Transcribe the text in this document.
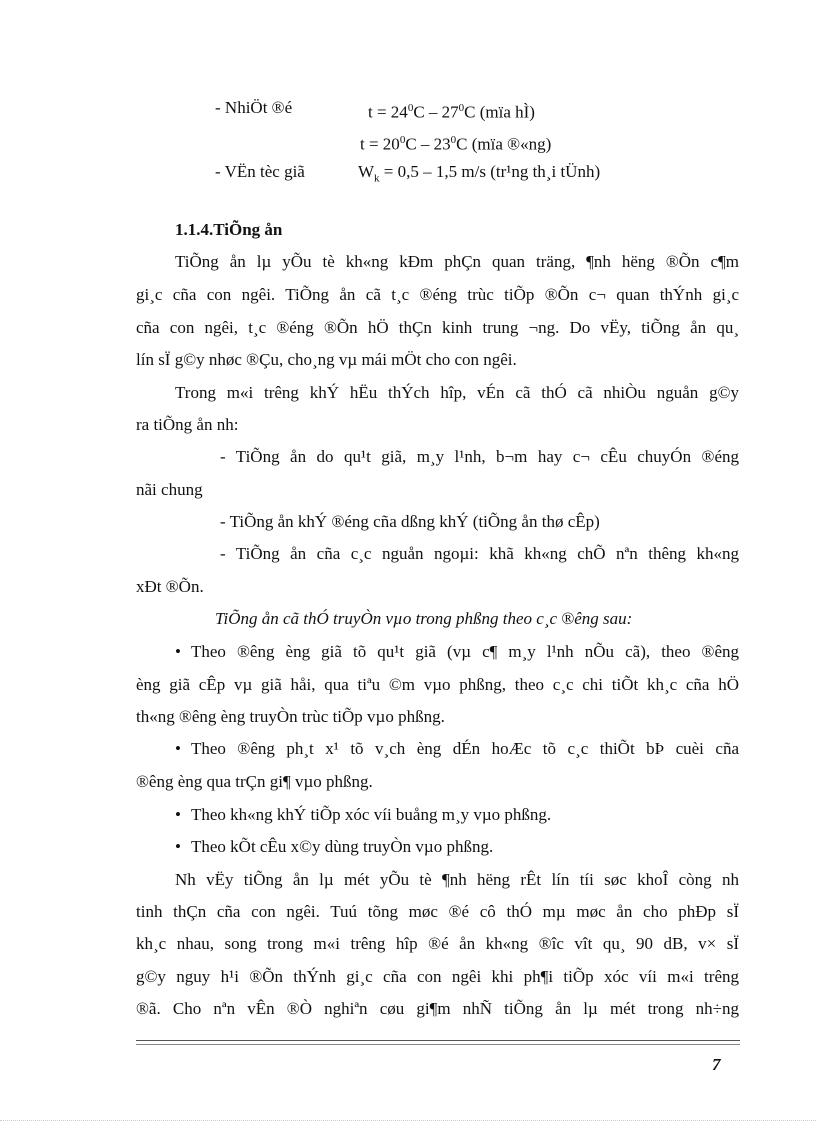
- NhiÖt ®é	$t = 24^0C - 27^0C$ (mïa hÌ)
$t = 20^0C - 23^0C$ (mïa ®«ng)
- VËn tèc giã	$W_k = 0,5 - 1,5$ m/s (tr¹ng th¸i tÜnh)
1.1.4.TiÕng ån
TiÕng ån lµ yÕu tè kh«ng kÐm phÇn quan träng, ¶nh hëng ®Õn c¶m
gi¸c cña con ngêi. TiÕng ån cã t¸c ®éng trùc tiÕp ®Õn c¬ quan thÝnh gi¸c
cña con ngêi, t¸c ®éng ®Õn hÖ thÇn kinh trung ¬ng. Do vËy, tiÕng ån qu¸
lín sÏ g©y nhøc ®Çu, cho¸ng vµ mái mÖt cho con ngêi.
Trong m«i trêng khÝ hËu thÝch hîp, vÉn cã thÓ cã nhiÒu nguån g©y
ra tiÕng ån nh:
- TiÕng ån do qu¹t giã, m¸y l¹nh, b¬m hay c¬ cÊu chuyÓn ®éng
nãi chung
- TiÕng ån khÝ ®éng cña dßng khÝ (tiÕng ån thø cÊp)
- TiÕng ån cña c¸c nguån ngoµi: khã kh«ng chÕ nªn thêng kh«ng
xÐt ®Õn.
TiÕng ån cã thÓ truyÒn vµo trong phßng theo c¸c ®êng sau:
• Theo ®êng èng giã tõ qu¹t giã (vµ c¶ m¸y l¹nh nÕu cã), theo ®êng
èng giã cÊp vµ giã håi, qua tiªu ©m vµo phßng, theo c¸c chi tiÕt kh¸c cña hÖ
th«ng ®êng èng truyÒn trùc tiÕp vµo phßng.
• Theo ®êng ph¸t x¹ tõ v¸ch èng dÉn hoÆc tõ c¸c thiÕt bÞ cuèi cña
®êng èng qua trÇn gi¶ vµo phßng.
• Theo kh«ng khÝ tiÕp xóc víi buång m¸y vµo phßng.
• Theo kÕt cÊu x©y dùng truyÒn vµo phßng.
Nh vËy tiÕng ån lµ mét yÕu tè ¶nh hëng rÊt lín tíi søc khoÎ còng nh
tinh thÇn cña con ngêi. Tuú tõng møc ®é cô thÓ mµ møc ån cho phÐp sÏ
kh¸c nhau, song trong m«i trêng hîp ®é ån kh«ng ®îc vît qu¸ 90 dB, v× sÏ
g©y nguy h¹i ®Õn thÝnh gi¸c cña con ngêi khi ph¶i tiÕp xóc víi m«i trêng
®ã. Cho nªn vÊn ®Ò nghiªn cøu gi¶m nhÑ tiÕng ån lµ mét trong nh÷ng
7
